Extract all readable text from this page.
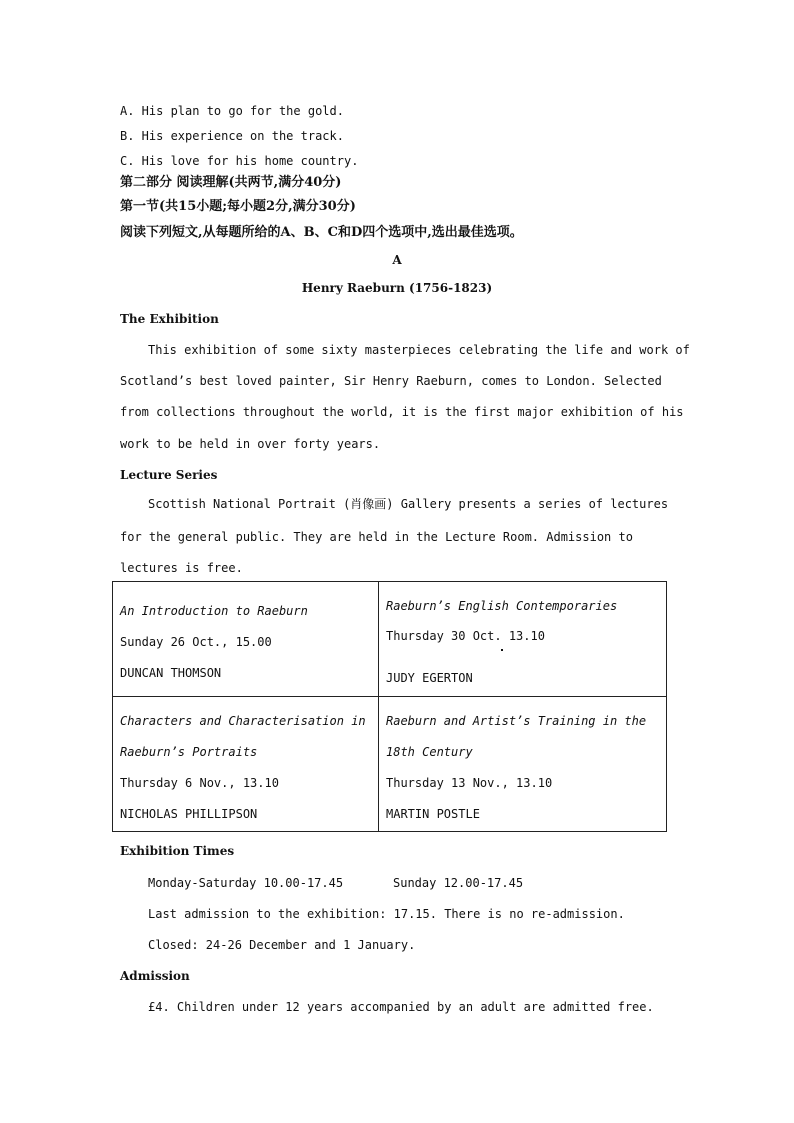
A. His plan to go for the gold.
B. His experience on the track.
C. His love for his home country.
第二部分 阅读理解(共两节,满分40分)
第一节(共15小题;每小题2分,满分30分)
阅读下列短文,从每题所给的A、B、C和D四个选项中,选出最佳选项。
A
Henry Raeburn (1756-1823)
The Exhibition
This exhibition of some sixty masterpieces celebrating the life and work of
Scotland’s best loved painter, Sir Henry Raeburn, comes to London. Selected
from collections throughout the world, it is the first major exhibition of his
work to be held in over forty years.
Lecture Series
Scottish National Portrait (肖像画) Gallery presents a series of lectures
for the general public. They are held in the Lecture Room. Admission to
lectures is free.
An Introduction to Raeburn
Sunday 26 Oct., 15.00
DUNCAN THOMSON
Raeburn’s English Contemporaries
Thursday 30 Oct. 13.10
JUDY EGERTON
Characters and Characterisation in
Raeburn’s Portraits
Thursday 6 Nov., 13.10
NICHOLAS PHILLIPSON
Raeburn and Artist’s Training in the
18th Century
Thursday 13 Nov., 13.10
MARTIN POSTLE
Exhibition Times
Monday-Saturday 10.00-17.45	Sunday 12.00-17.45
Last admission to the exhibition: 17.15. There is no re-admission.
Closed: 24-26 December and 1 January.
Admission
£4. Children under 12 years accompanied by an adult are admitted free.
